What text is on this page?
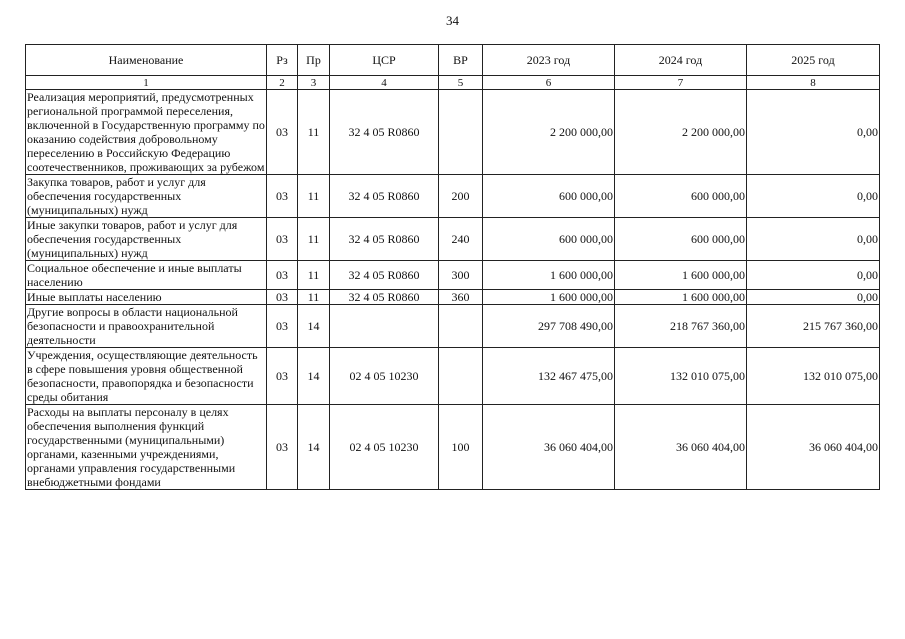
34
Наименование	Рз	Пр	ЦСР	ВР	2023 год	2024 год	2025 год
1	2	3	4	5	6	7	8
Реализация мероприятий, предусмотренных региональной программой переселения, включенной в Государственную программу по оказанию содействия добровольному переселению в Российскую Федерацию соотечественников, проживающих за рубежом	03	11	32 4 05 R0860		2 200 000,00	2 200 000,00	0,00
Закупка товаров, работ и услуг для обеспечения государственных (муниципальных) нужд	03	11	32 4 05 R0860	200	600 000,00	600 000,00	0,00
Иные закупки товаров, работ и услуг для обеспечения государственных (муниципальных) нужд	03	11	32 4 05 R0860	240	600 000,00	600 000,00	0,00
Социальное обеспечение и иные выплаты населению	03	11	32 4 05 R0860	300	1 600 000,00	1 600 000,00	0,00
Иные выплаты населению	03	11	32 4 05 R0860	360	1 600 000,00	1 600 000,00	0,00
Другие вопросы в области национальной безопасности и правоохранительной деятельности	03	14			297 708 490,00	218 767 360,00	215 767 360,00
Учреждения, осуществляющие деятельность в сфере повышения уровня общественной безопасности, правопорядка и безопасности среды обитания	03	14	02 4 05 10230		132 467 475,00	132 010 075,00	132 010 075,00
Расходы на выплаты персоналу в целях обеспечения выполнения функций государственными (муниципальными) органами, казенными учреждениями, органами управления государственными внебюджетными фондами	03	14	02 4 05 10230	100	36 060 404,00	36 060 404,00	36 060 404,00
